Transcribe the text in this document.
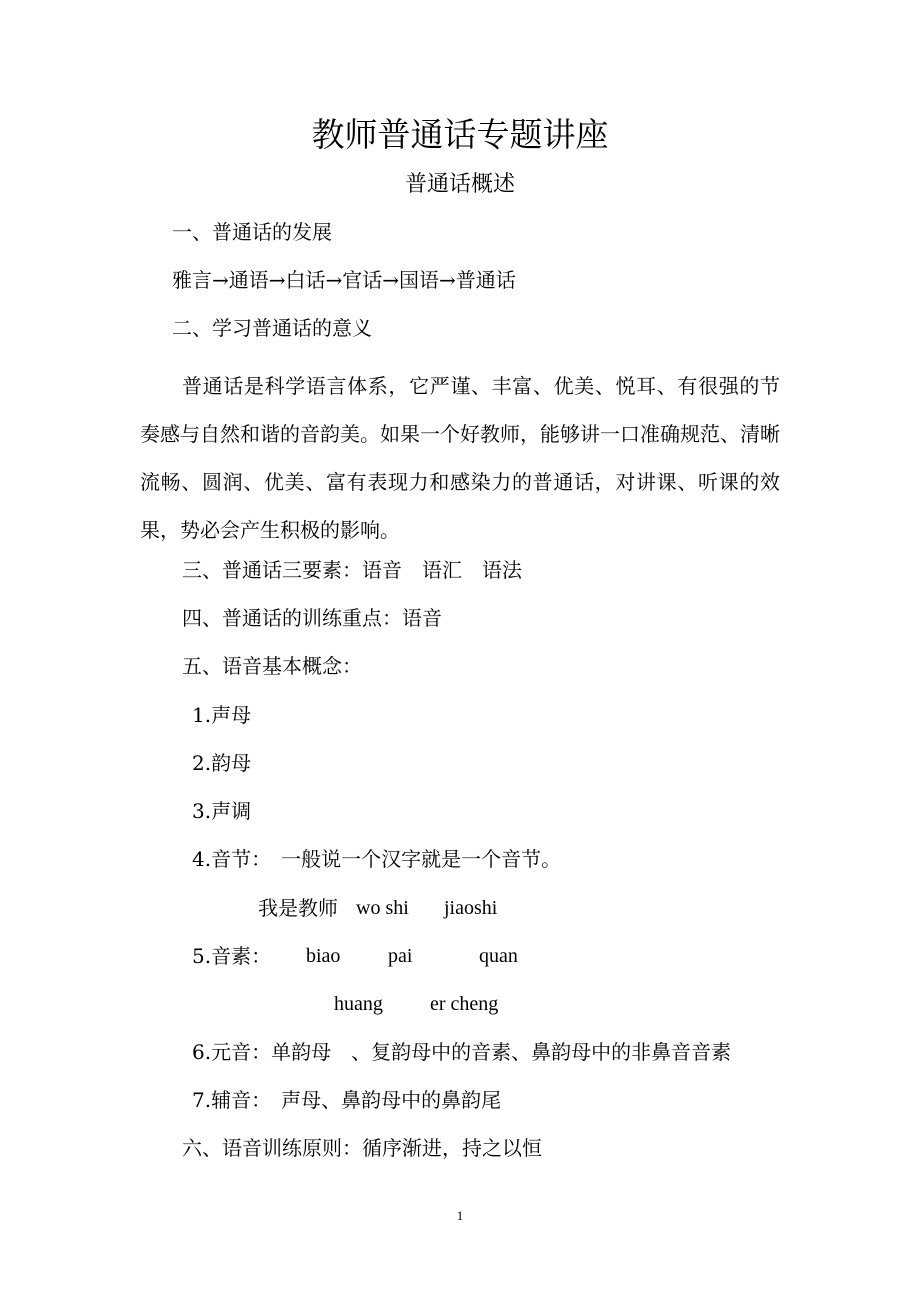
教师普通话专题讲座
普通话概述
一、普通话的发展
雅言→通语→白话→官话→国语→普通话
二、学习普通话的意义
普通话是科学语言体系，它严谨、丰富、优美、悦耳、有很强的节奏感与自然和谐的音韵美。如果一个好教师，能够讲一口准确规范、清晰流畅、圆润、优美、富有表现力和感染力的普通话，对讲课、听课的效果，势必会产生积极的影响。
三、普通话三要素：语音　语汇　语法
四、普通话的训练重点：语音
五、语音基本概念：
1.声母
2.韵母
3.声调
4.音节：　一般说一个汉字就是一个音节。
我是教师 wo shi jiaoshi
5.音素： biao pai	quan
huang er cheng
6.元音：单韵母　、复韵母中的音素、鼻韵母中的非鼻音音素
7.辅音：　声母、鼻韵母中的鼻韵尾
六、语音训练原则：循序渐进，持之以恒
1
